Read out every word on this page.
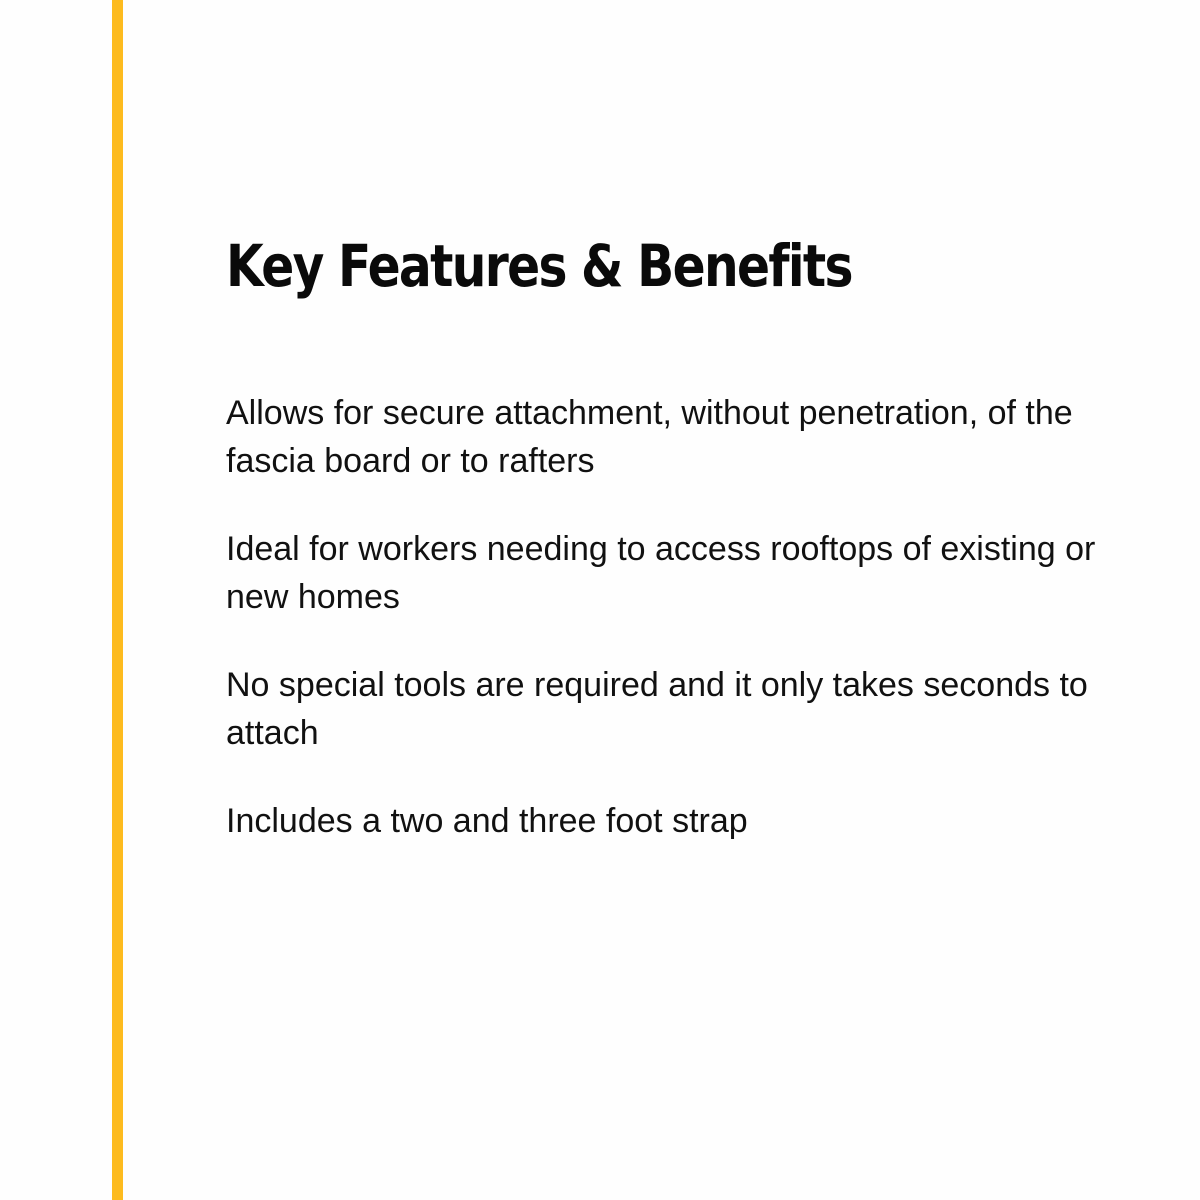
Key Features & Benefits
Allows for secure attachment, without penetration, of the fascia board or to rafters
Ideal for workers needing to access rooftops of existing or new homes
No special tools are required and it only takes seconds to attach
Includes a two and three foot strap
